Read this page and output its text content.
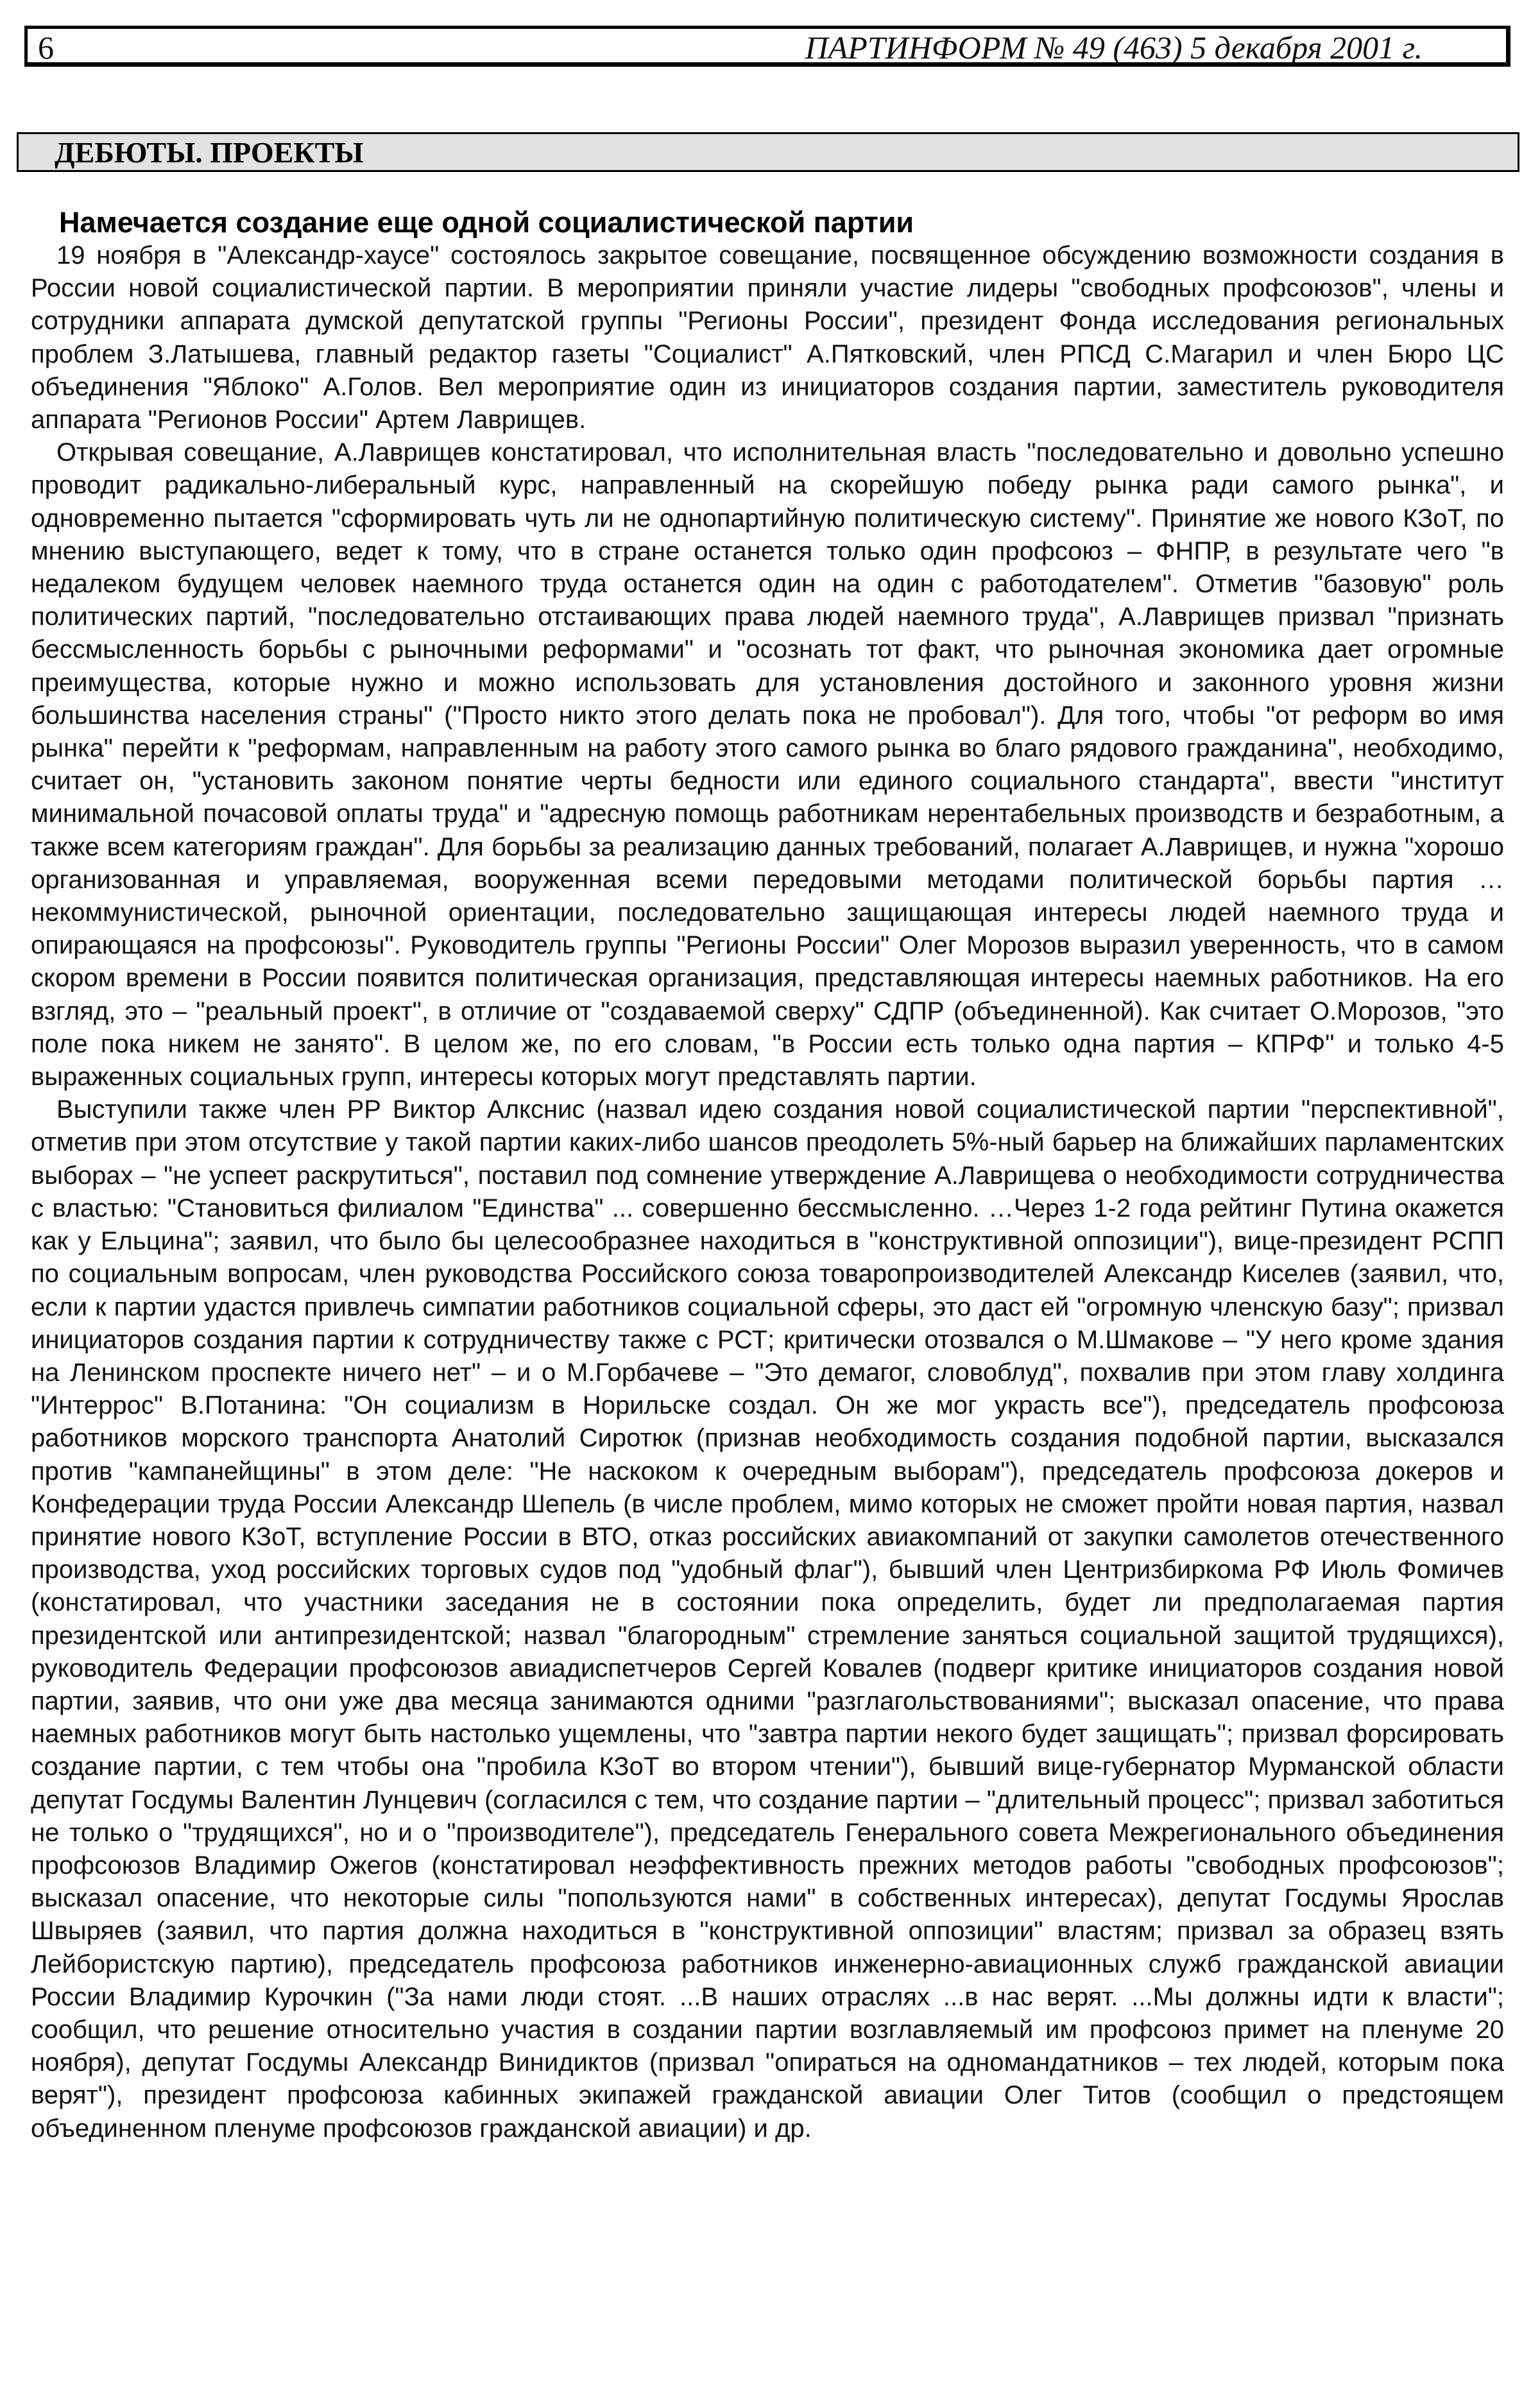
6	ПАРТИНФОРМ № 49 (463) 5 декабря 2001 г.
ДЕБЮТЫ. ПРОЕКТЫ
Намечается создание еще одной социалистической партии

19 ноября в "Александр-хаусе" состоялось закрытое совещание, посвященное обсуждению возможности создания в России новой социалистической партии. В мероприятии приняли участие лидеры "свободных профсоюзов", члены и сотрудники аппарата думской депутатской группы "Регионы России", президент Фонда исследования региональных проблем З.Латышева, главный редактор газеты "Социалист" А.Пятковский, член РПСД С.Магарил и член Бюро ЦС объединения "Яблоко" А.Голов. Вел мероприятие один из инициаторов создания партии, заместитель руководителя аппарата "Регионов России" Артем Лаврищев.

Открывая совещание, А.Лаврищев констатировал, что исполнительная власть "последовательно и довольно успешно проводит радикально-либеральный курс, направленный на скорейшую победу рынка ради самого рынка", и одновременно пытается "сформировать чуть ли не однопартийную политическую систему". Принятие же нового КЗоТ, по мнению выступающего, ведет к тому, что в стране останется только один профсоюз – ФНПР, в результате чего "в недалеком будущем человек наемного труда останется один на один с работодателем". Отметив "базовую" роль политических партий, "последовательно отстаивающих права людей наемного труда", А.Лаврищев призвал "признать бессмысленность борьбы с рыночными реформами" и "осознать тот факт, что рыночная экономика дает огромные преимущества, которые нужно и можно использовать для установления достойного и законного уровня жизни большинства населения страны" ("Просто никто этого делать пока не пробовал"). Для того, чтобы "от реформ во имя рынка" перейти к "реформам, направленным на работу этого самого рынка во благо рядового гражданина", необходимо, считает он, "установить законом понятие черты бедности или единого социального стандарта", ввести "институт минимальной почасовой оплаты труда" и "адресную помощь работникам нерентабельных производств и безработным, а также всем категориям граждан". Для борьбы за реализацию данных требований, полагает А.Лаврищев, и нужна "хорошо организованная и управляемая, вооруженная всеми передовыми методами политической борьбы партия …некоммунистической, рыночной ориентации, последовательно защищающая интересы людей наемного труда и опирающаяся на профсоюзы". Руководитель группы "Регионы России" Олег Морозов выразил уверенность, что в самом скором времени в России появится политическая организация, представляющая интересы наемных работников. На его взгляд, это – "реальный проект", в отличие от "создаваемой сверху" СДПР (объединенной). Как считает О.Морозов, "это поле пока никем не занято". В целом же, по его словам, "в России есть только одна партия – КПРФ" и только 4-5 выраженных социальных групп, интересы которых могут представлять партии.

Выступили также член РР Виктор Алкснис (назвал идею создания новой социалистической партии "перспективной", отметив при этом отсутствие у такой партии каких-либо шансов преодолеть 5%-ный барьер на ближайших парламентских выборах – "не успеет раскрутиться", поставил под сомнение утверждение А.Лаврищева о необходимости сотрудничества с властью: "Становиться филиалом "Единства" ... совершенно бессмысленно. …Через 1-2 года рейтинг Путина окажется как у Ельцина"; заявил, что было бы целесообразнее находиться в "конструктивной оппозиции"), вице-президент РСПП по социальным вопросам, член руководства Российского союза товаропроизводителей Александр Киселев (заявил, что, если к партии удастся привлечь симпатии работников социальной сферы, это даст ей "огромную членскую базу"; призвал инициаторов создания партии к сотрудничеству также с РСТ; критически отозвался о М.Шмакове – "У него кроме здания на Ленинском проспекте ничего нет" – и о М.Горбачеве – "Это демагог, словоблуд", похвалив при этом главу холдинга "Интеррос" В.Потанина: "Он социализм в Норильске создал. Он же мог украсть все"), председатель профсоюза работников морского транспорта Анатолий Сиротюк (признав необходимость создания подобной партии, высказался против "кампанейщины" в этом деле: "Не наскоком к очередным выборам"), председатель профсоюза докеров и Конфедерации труда России Александр Шепель (в числе проблем, мимо которых не сможет пройти новая партия, назвал принятие нового КЗоТ, вступление России в ВТО, отказ российских авиакомпаний от закупки самолетов отечественного производства, уход российских торговых судов под "удобный флаг"), бывший член Центризбиркома РФ Июль Фомичев (констатировал, что участники заседания не в состоянии пока определить, будет ли предполагаемая партия президентской или антипрезидентской; назвал "благородным" стремление заняться социальной защитой трудящихся), руководитель Федерации профсоюзов авиадиспетчеров Сергей Ковалев (подверг критике инициаторов создания новой партии, заявив, что они уже два месяца занимаются одними "разглагольствованиями"; высказал опасение, что права наемных работников могут быть настолько ущемлены, что "завтра партии некого будет защищать"; призвал форсировать создание партии, с тем чтобы она "пробила КЗоТ во втором чтении"), бывший вице-губернатор Мурманской области депутат Госдумы Валентин Лунцевич (согласился с тем, что создание партии – "длительный процесс"; призвал заботиться не только о "трудящихся", но и о "производителе"), председатель Генерального совета Межрегионального объединения профсоюзов Владимир Ожегов (констатировал неэффективность прежних методов работы "свободных профсоюзов"; высказал опасение, что некоторые силы "попользуются нами" в собственных интересах), депутат Госдумы Ярослав Швыряев (заявил, что партия должна находиться в "конструктивной оппозиции" властям; призвал за образец взять Лейбористскую партию), председатель профсоюза работников инженерно-авиационных служб гражданской авиации России Владимир Курочкин ("За нами люди стоят. ...В наших отраслях ...в нас верят. ...Мы должны идти к власти"; сообщил, что решение относительно участия в создании партии возглавляемый им профсоюз примет на пленуме 20 ноября), депутат Госдумы Александр Винидиктов (призвал "опираться на одномандатников – тех людей, которым пока верят"), президент профсоюза кабинных экипажей гражданской авиации Олег Титов (сообщил о предстоящем объединенном пленуме профсоюзов гражданской авиации) и др.
